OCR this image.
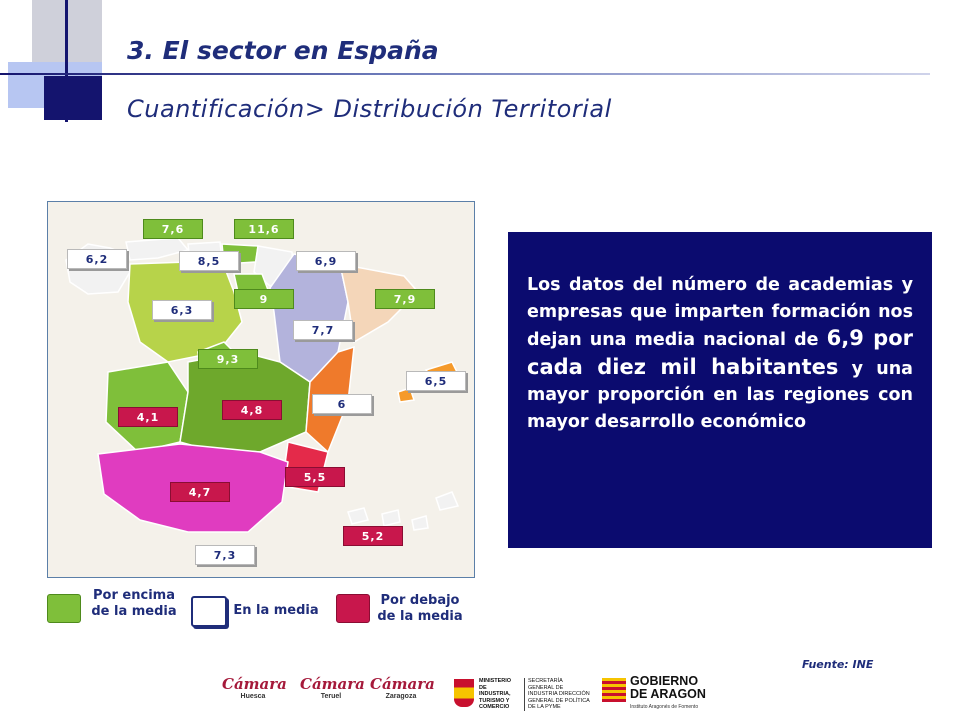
3. El sector en España
Cuantificación> Distribución Territorial
7,6	11,6
6,2	8,5	6,9
9	7,9
6,3
7,7
9,3
6,5
4,1
4,8	6
5,5
4,7
5,2
7,3

Los datos del número de academias y empresas que imparten formación nos dejan una media nacional de 6,9 por cada diez mil habitantes y una mayor proporción en las regiones con mayor desarrollo económico

Por encima de la media	En la media
Por debajo de la media
Fuente: INE
Cámara
Huesca
Cámara
Teruel
Cámara
Zaragoza
MINISTERIO DE INDUSTRIA, TURISMO Y COMERCIO
SECRETARÍA GENERAL DE INDUSTRIA DIRECCIÓN GENERAL DE POLÍTICA DE LA PYME
GOBIERNO DE ARAGON
Instituto Aragonés de Fomento
